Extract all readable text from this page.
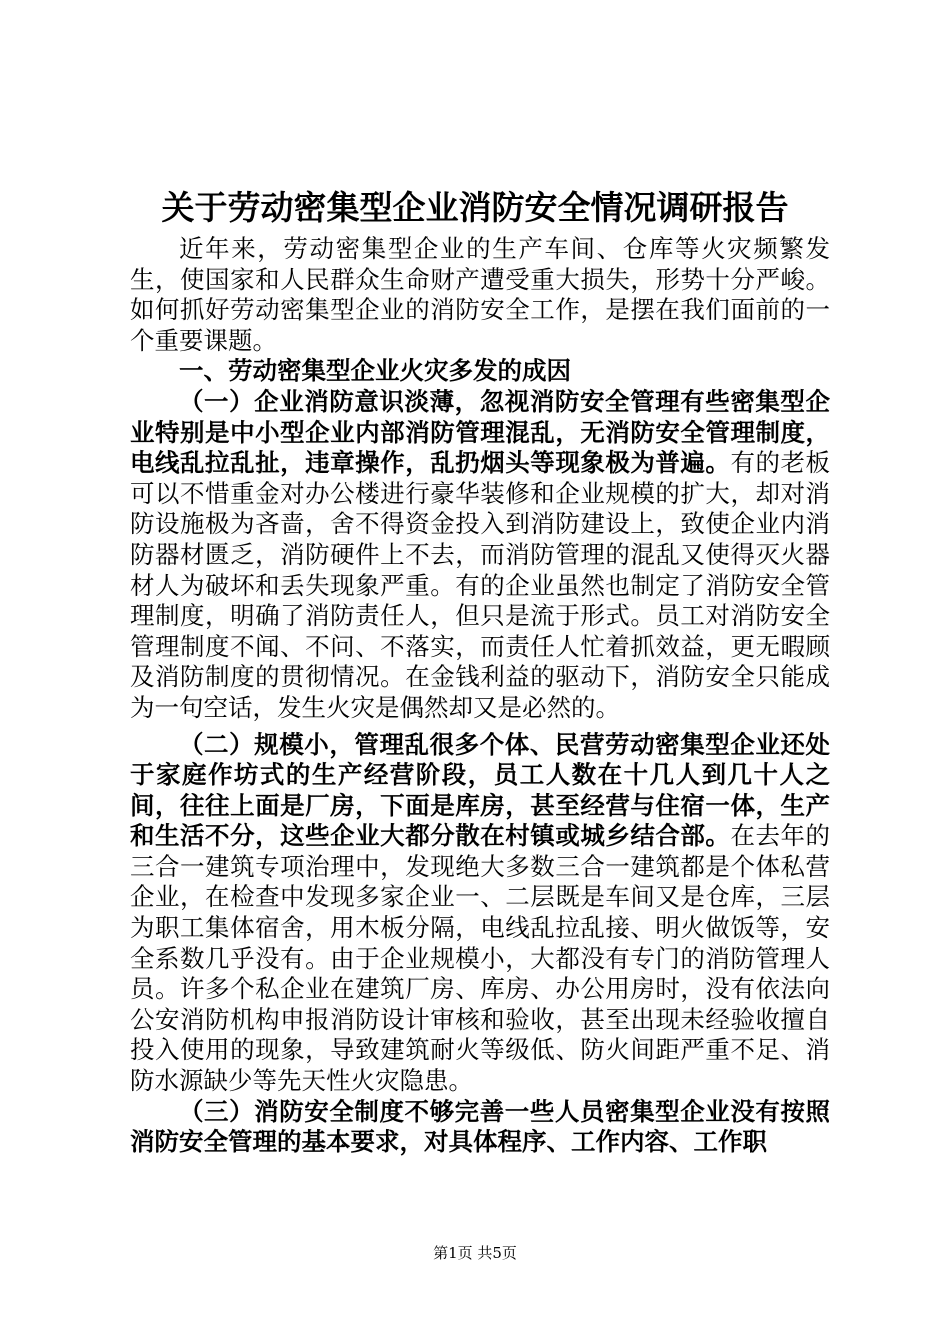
关于劳动密集型企业消防安全情况调研报告

近年来，劳动密集型企业的生产车间、仓库等火灾频繁发生，使国家和人民群众生命财产遭受重大损失，形势十分严峻。如何抓好劳动密集型企业的消防安全工作，是摆在我们面前的一个重要课题。

一、劳动密集型企业火灾多发的成因

（一）企业消防意识淡薄，忽视消防安全管理有些密集型企业特别是中小型企业内部消防管理混乱，无消防安全管理制度，电线乱拉乱扯，违章操作，乱扔烟头等现象极为普遍。有的老板可以不惜重金对办公楼进行豪华装修和企业规模的扩大，却对消防设施极为吝啬，舍不得资金投入到消防建设上，致使企业内消防器材匮乏，消防硬件上不去，而消防管理的混乱又使得灭火器材人为破坏和丢失现象严重。有的企业虽然也制定了消防安全管理制度，明确了消防责任人，但只是流于形式。员工对消防安全管理制度不闻、不问、不落实，而责任人忙着抓效益，更无暇顾及消防制度的贯彻情况。在金钱利益的驱动下，消防安全只能成为一句空话，发生火灾是偶然却又是必然的。

（二）规模小，管理乱很多个体、民营劳动密集型企业还处于家庭作坊式的生产经营阶段，员工人数在十几人到几十人之间，往往上面是厂房，下面是库房，甚至经营与住宿一体，生产和生活不分，这些企业大都分散在村镇或城乡结合部。在去年的三合一建筑专项治理中，发现绝大多数三合一建筑都是个体私营企业，在检查中发现多家企业一、二层既是车间又是仓库，三层为职工集体宿舍，用木板分隔，电线乱拉乱接、明火做饭等，安全系数几乎没有。由于企业规模小，大都没有专门的消防管理人员。许多个私企业在建筑厂房、库房、办公用房时，没有依法向公安消防机构申报消防设计审核和验收，甚至出现未经验收擅自投入使用的现象，导致建筑耐火等级低、防火间距严重不足、消防水源缺少等先天性火灾隐患。

（三）消防安全制度不够完善一些人员密集型企业没有按照消防安全管理的基本要求，对具体程序、工作内容、工作职

第1页 共5页
